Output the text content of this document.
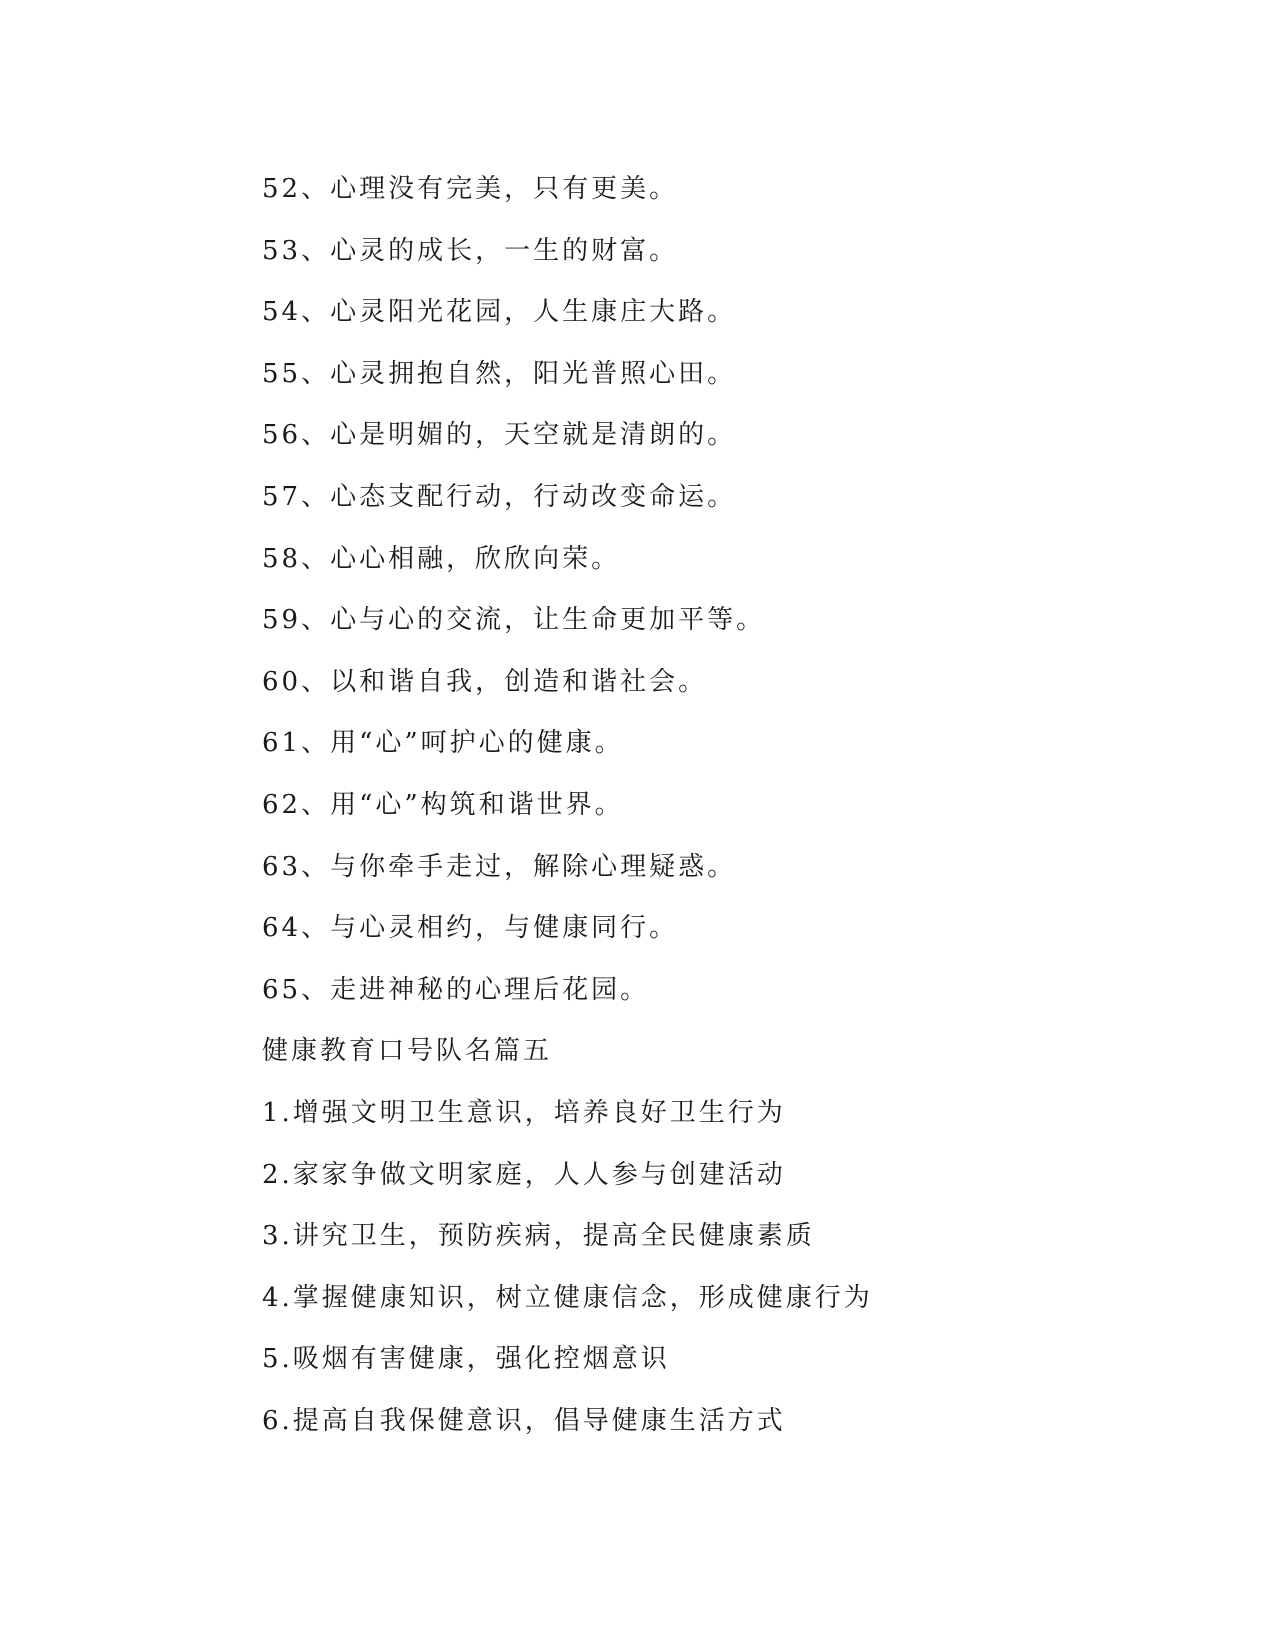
52、心理没有完美，只有更美。
53、心灵的成长，一生的财富。
54、心灵阳光花园，人生康庄大路。
55、心灵拥抱自然，阳光普照心田。
56、心是明媚的，天空就是清朗的。
57、心态支配行动，行动改变命运。
58、心心相融，欣欣向荣。
59、心与心的交流，让生命更加平等。
60、以和谐自我，创造和谐社会。
61、用“心”呵护心的健康。
62、用“心”构筑和谐世界。
63、与你牵手走过，解除心理疑惑。
64、与心灵相约，与健康同行。
65、走进神秘的心理后花园。
健康教育口号队名篇五
1.增强文明卫生意识，培养良好卫生行为
2.家家争做文明家庭，人人参与创建活动
3.讲究卫生，预防疾病，提高全民健康素质
4.掌握健康知识，树立健康信念，形成健康行为
5.吸烟有害健康，强化控烟意识
6.提高自我保健意识，倡导健康生活方式
